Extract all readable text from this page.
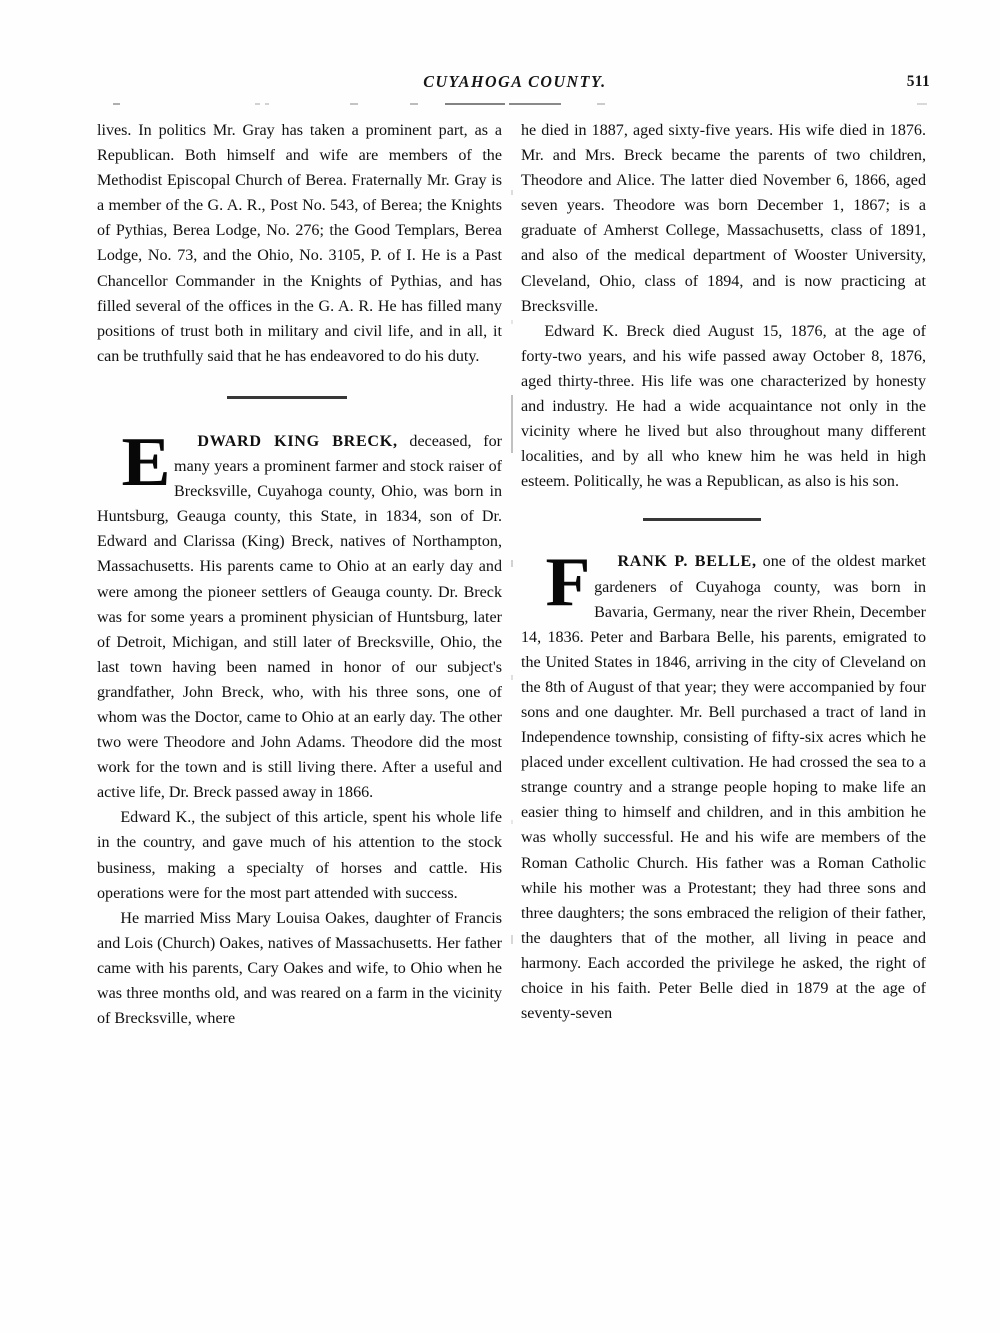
CUYAHOGA COUNTY.	511

lives. In politics Mr. Gray has taken a prominent part, as a Republican. Both himself and wife are members of the Methodist Episcopal Church of Berea. Fraternally Mr. Gray is a member of the G. A. R., Post No. 543, of Berea; the Knights of Pythias, Berea Lodge, No. 276; the Good Templars, Berea Lodge, No. 73, and the Ohio, No. 3105, P. of I. He is a Past Chancellor Commander in the Knights of Pythias, and has filled several of the offices in the G. A. R. He has filled many positions of trust both in military and civil life, and in all, it can be truthfully said that he has endeavored to do his duty.

E DWARD KING BRECK, deceased, for many years a prominent farmer and stock raiser of Brecksville, Cuyahoga county, Ohio, was born in Huntsburg, Geauga county, this State, in 1834, son of Dr. Edward and Clarissa (King) Breck, natives of Northampton, Massachusetts. His parents came to Ohio at an early day and were among the pioneer settlers of Geauga county. Dr. Breck was for some years a prominent physician of Huntsburg, later of Detroit, Michigan, and still later of Brecksville, Ohio, the last town having been named in honor of our subject's grandfather, John Breck, who, with his three sons, one of whom was the Doctor, came to Ohio at an early day. The other two were Theodore and John Adams. Theodore did the most work for the town and is still living there. After a useful and active life, Dr. Breck passed away in 1866.

Edward K., the subject of this article, spent his whole life in the country, and gave much of his attention to the stock business, making a specialty of horses and cattle. His operations were for the most part attended with success.

He married Miss Mary Louisa Oakes, daughter of Francis and Lois (Church) Oakes, natives of Massachusetts. Her father came with his parents, Cary Oakes and wife, to Ohio when he was three months old, and was reared on a farm in the vicinity of Brecksville, where

he died in 1887, aged sixty-five years. His wife died in 1876. Mr. and Mrs. Breck became the parents of two children, Theodore and Alice. The latter died November 6, 1866, aged seven years. Theodore was born December 1, 1867; is a graduate of Amherst College, Massachusetts, class of 1891, and also of the medical department of Wooster University, Cleveland, Ohio, class of 1894, and is now practicing at Brecksville.

Edward K. Breck died August 15, 1876, at the age of forty-two years, and his wife passed away October 8, 1876, aged thirty-three. His life was one characterized by honesty and industry. He had a wide acquaintance not only in the vicinity where he lived but also throughout many different localities, and by all who knew him he was held in high esteem. Politically, he was a Republican, as also is his son.

F RANK P. BELLE, one of the oldest market gardeners of Cuyahoga county, was born in Bavaria, Germany, near the river Rhein, December 14, 1836. Peter and Barbara Belle, his parents, emigrated to the United States in 1846, arriving in the city of Cleveland on the 8th of August of that year; they were accompanied by four sons and one daughter. Mr. Bell purchased a tract of land in Independence township, consisting of fifty-six acres which he placed under excellent cultivation. He had crossed the sea to a strange country and a strange people hoping to make life an easier thing to himself and children, and in this ambition he was wholly successful. He and his wife are members of the Roman Catholic Church. His father was a Roman Catholic while his mother was a Protestant; they had three sons and three daughters; the sons embraced the religion of their father, the daughters that of the mother, all living in peace and harmony. Each accorded the privilege he asked, the right of choice in his faith. Peter Belle died in 1879 at the age of seventy-seven
